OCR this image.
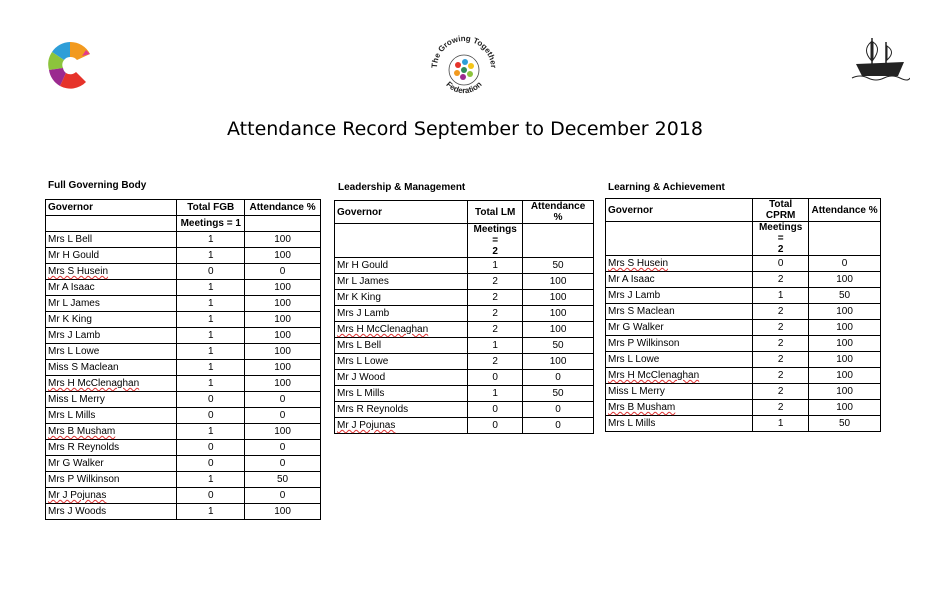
The Growing Together
Federation
Attendance Record September to December 2018
Full Governing Body
Governor	Total FGB	Attendance %
	Meetings = 1	
Mrs L Bell	1	100
Mr H Gould	1	100
Mrs S Husein	0	0
Mr A Isaac	1	100
Mr L James	1	100
Mr K King	1	100
Mrs J Lamb	1	100
Mrs L Lowe	1	100
Miss S Maclean	1	100
Mrs H McClenaghan	1	100
Miss L Merry	0	0
Mrs L Mills	0	0
Mrs B Musham	1	100
Mrs R Reynolds	0	0
Mr G Walker	0	0
Mrs P Wilkinson	1	50
Mr J Pojunas	0	0
Mrs J Woods	1	100
Leadership & Management
Governor	Total LM	Attendance %
	Meetings =
2	
Mr H Gould	1	50
Mr L James	2	100
Mr K King	2	100
Mrs J Lamb	2	100
Mrs H McClenaghan	2	100
Mrs L Bell	1	50
Mrs L Lowe	2	100
Mr J Wood	0	0
Mrs L Mills	1	50
Mrs R Reynolds	0	0
Mr J Pojunas	0	0
Learning & Achievement
Governor	Total CPRM	Attendance %
	Meetings =
2	
Mrs S Husein	0	0
Mr A Isaac	2	100
Mrs J Lamb	1	50
Mrs S Maclean	2	100
Mr G Walker	2	100
Mrs P Wilkinson	2	100
Mrs L Lowe	2	100
Mrs H McClenaghan	2	100
Miss L Merry	2	100
Mrs B Musham	2	100
Mrs L Mills	1	50
